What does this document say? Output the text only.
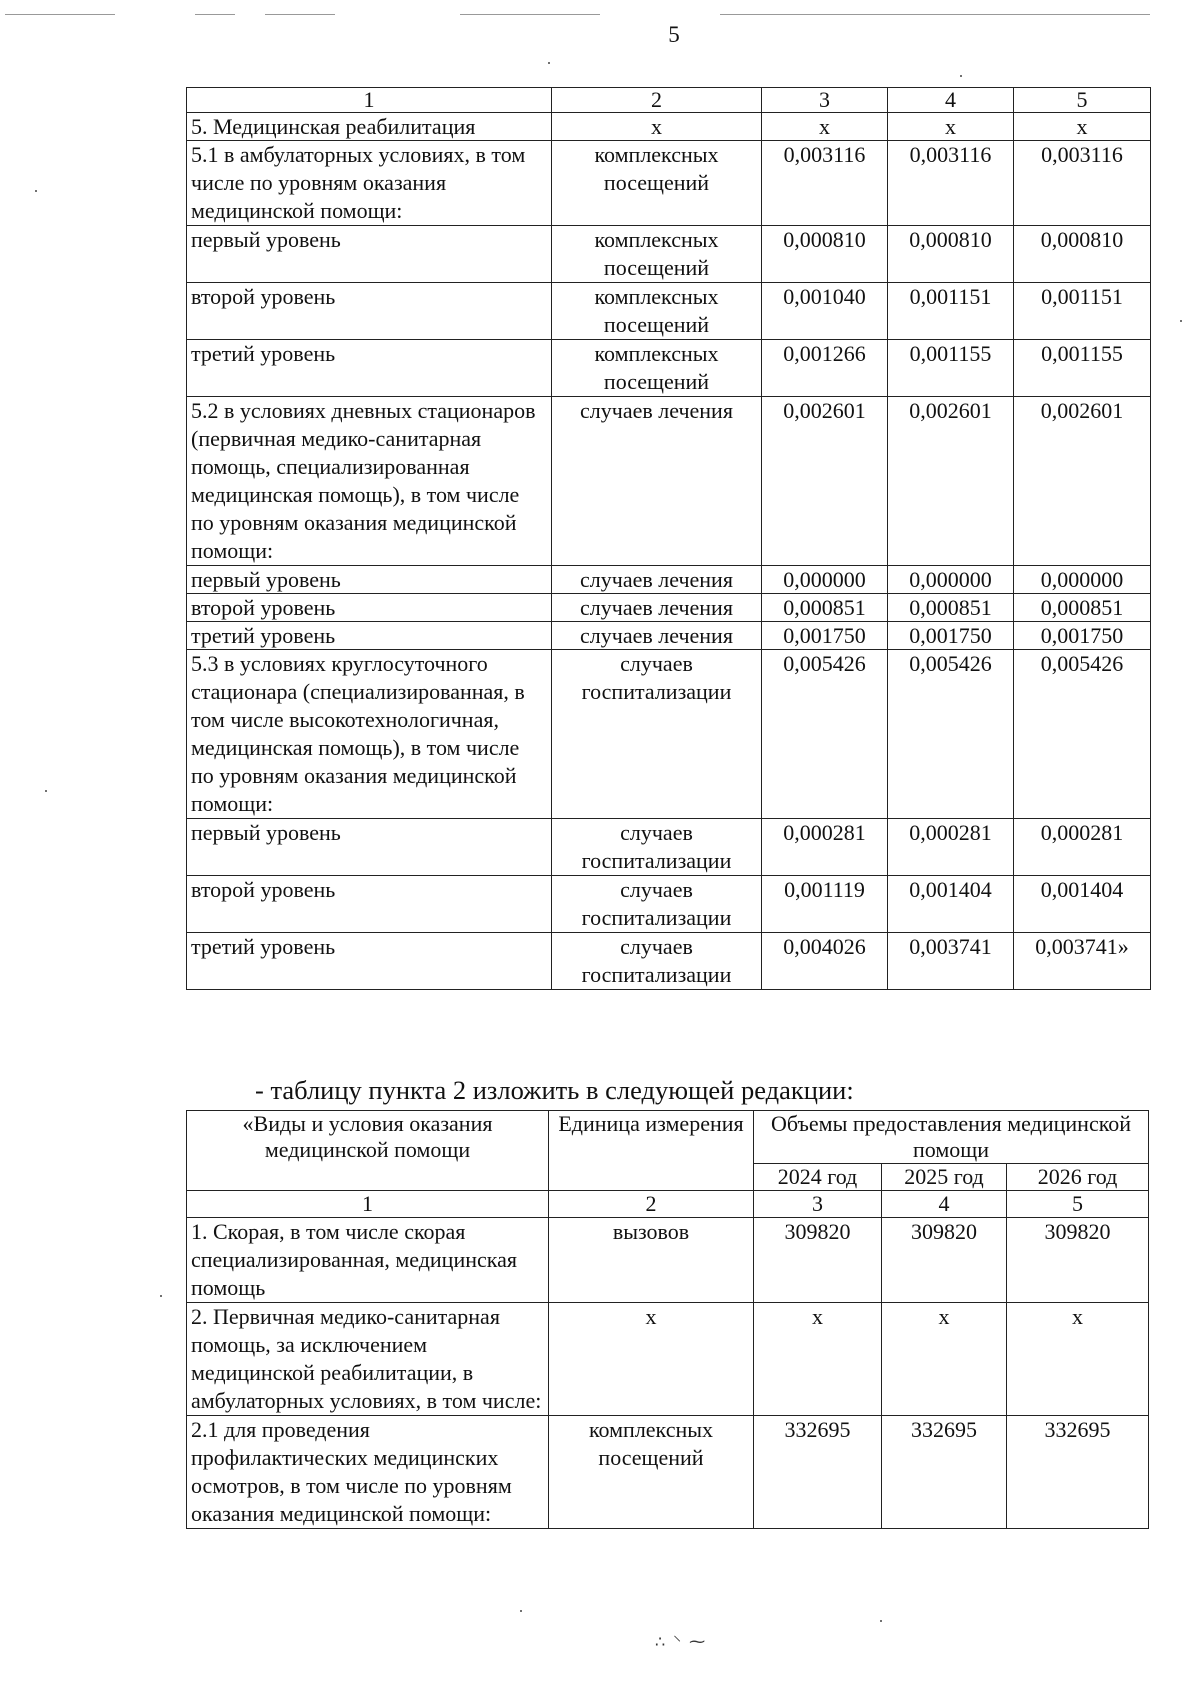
5
1	2	3	4	5
5. Медицинская реабилитация	х	х	х	х
5.1 в амбулаторных условиях, в том числе по уровням оказания медицинской помощи:	комплексных посещений	0,003116	0,003116	0,003116
первый уровень	комплексных посещений	0,000810	0,000810	0,000810
второй уровень	комплексных посещений	0,001040	0,001151	0,001151
третий уровень	комплексных посещений	0,001266	0,001155	0,001155
5.2 в условиях дневных стационаров (первичная медико-санитарная помощь, специализированная медицинская помощь), в том числе по уровням оказания медицинской помощи:	случаев лечения	0,002601	0,002601	0,002601
первый уровень	случаев лечения	0,000000	0,000000	0,000000
второй уровень	случаев лечения	0,000851	0,000851	0,000851
третий уровень	случаев лечения	0,001750	0,001750	0,001750
5.3 в условиях круглосуточного стационара (специализированная, в том числе высокотехнологичная, медицинская помощь), в том числе по уровням оказания медицинской помощи:	случаев госпитализации	0,005426	0,005426	0,005426
первый уровень	случаев госпитализации	0,000281	0,000281	0,000281
второй уровень	случаев госпитализации	0,001119	0,001404	0,001404
третий уровень	случаев госпитализации	0,004026	0,003741	0,003741»
- таблицу пункта 2 изложить в следующей редакции:
«Виды и условия оказания медицинской помощи	Единица измерения	Объемы предоставления медицинской помощи		
		2024 год	2025 год	2026 год
1	2	3	4	5
1. Скорая, в том числе скорая специализированная, медицинская помощь	вызовов	309820	309820	309820
2. Первичная медико-санитарная помощь, за исключением медицинской реабилитации, в амбулаторных условиях, в том числе:	х	х	х	х
2.1 для проведения профилактических медицинских осмотров, в том числе по уровням оказания медицинской помощи:	комплексных посещений	332695	332695	332695
∴ ⸌ ⁓
